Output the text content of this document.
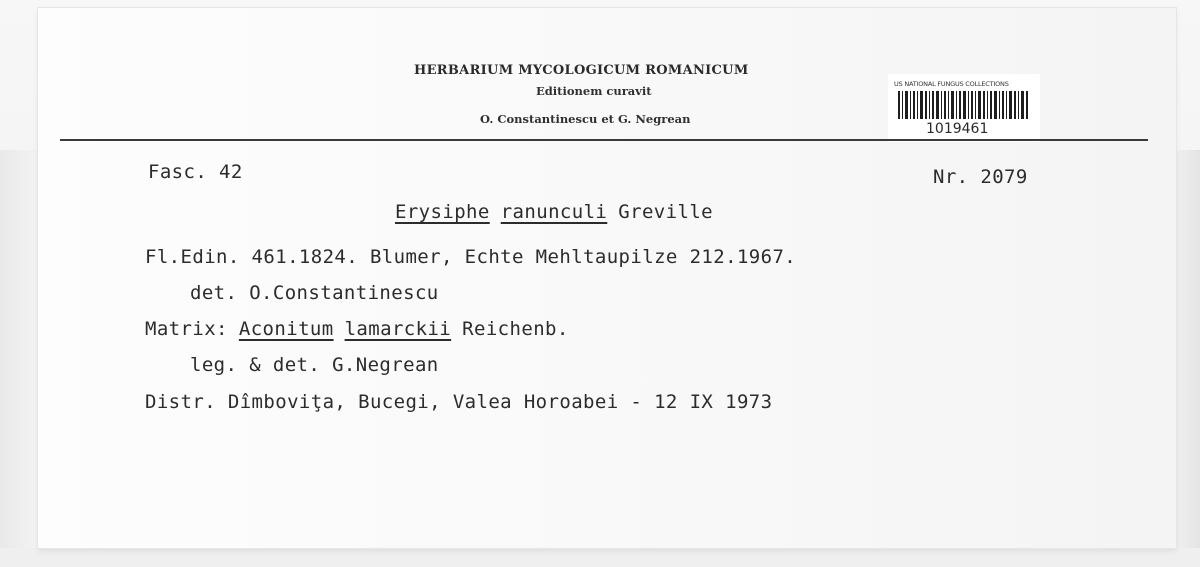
HERBARIUM MYCOLOGICUM ROMANICUM
Editionem curavit
O. Constantinescu et G. Negrean
US NATIONAL FUNGUS COLLECTIONS
1019461
Fasc. 42	Nr. 2079
Erysiphe ranunculi Greville
Fl.Edin. 461.1824. Blumer, Echte Mehltaupilze 212.1967.
det. O.Constantinescu
Matrix: Aconitum lamarckii Reichenb.
leg. & det. G.Negrean
Distr. Dîmboviţa, Bucegi, Valea Horoabei - 12 IX 1973
